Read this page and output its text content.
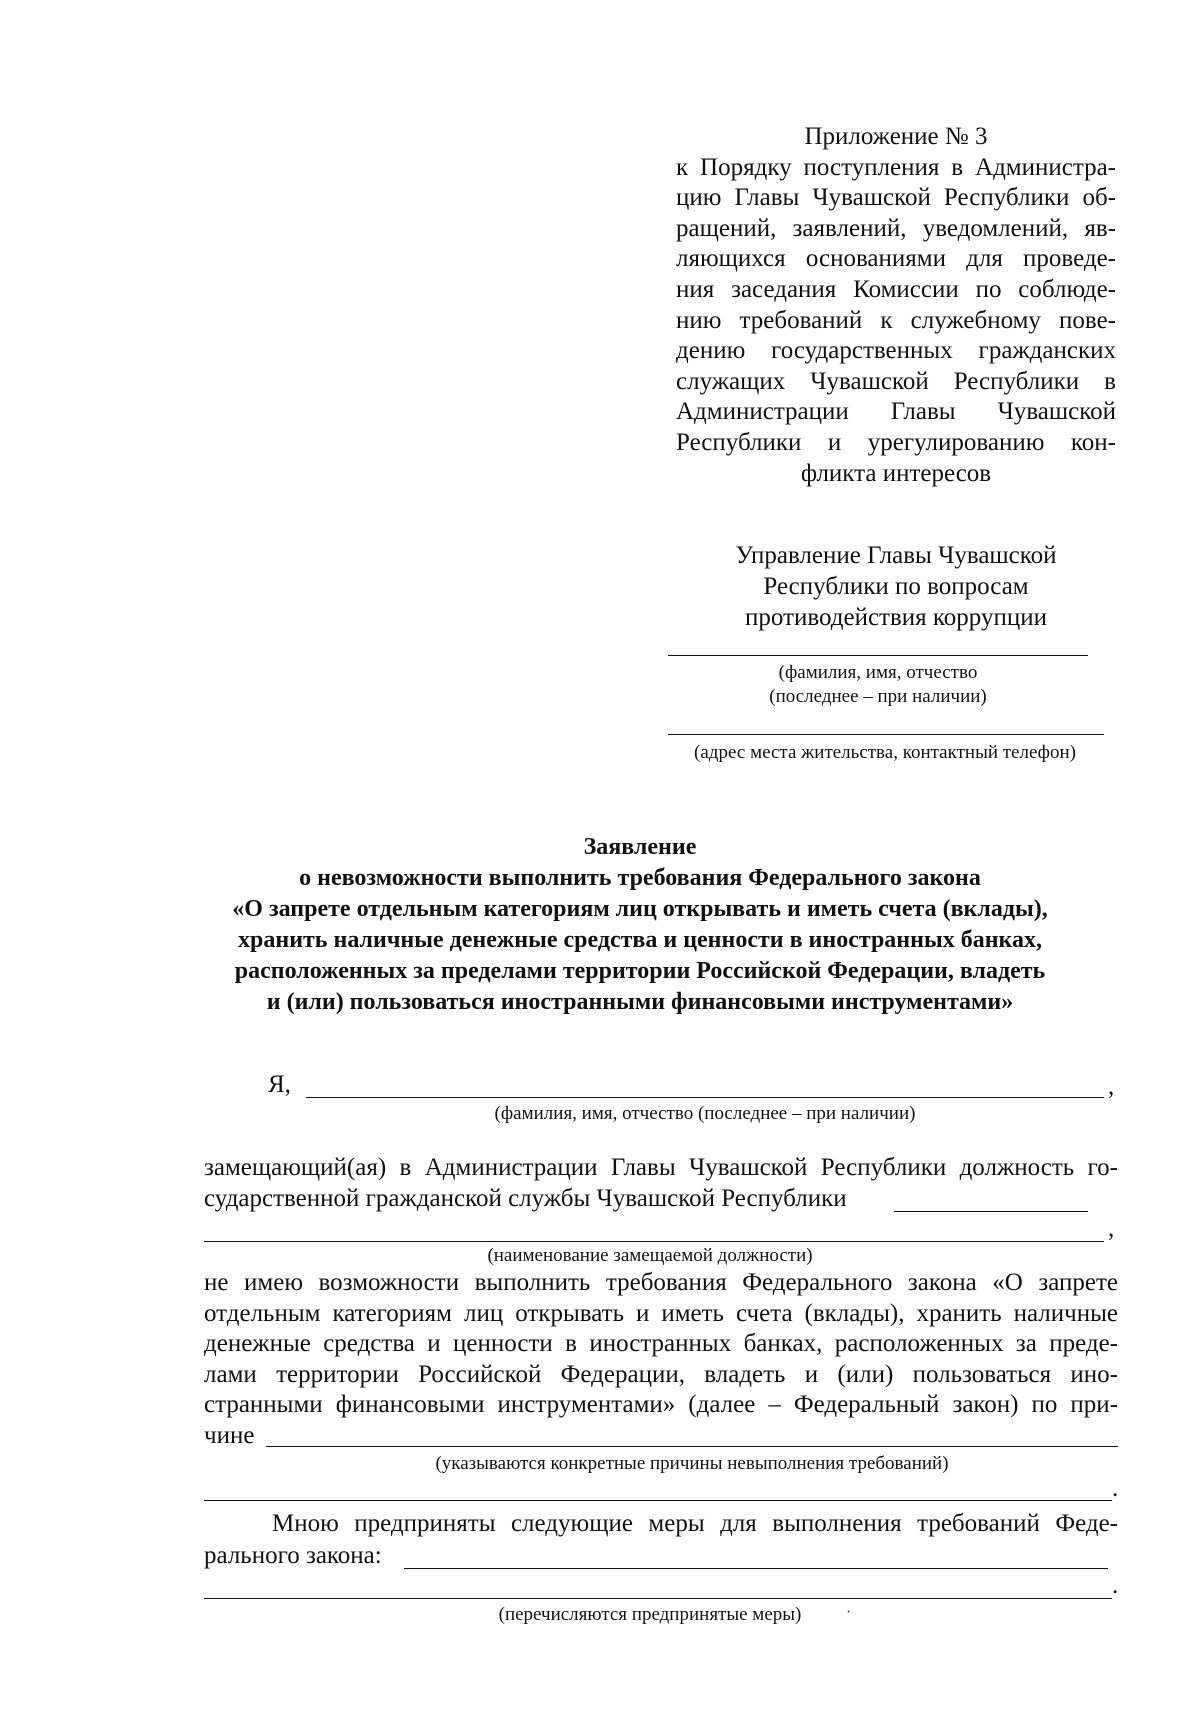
Приложение № 3
к Порядку поступления в Администра-
цию Главы Чувашской Республики об-
ращений, заявлений, уведомлений, яв-
ляющихся основаниями для проведе-
ния заседания Комиссии по соблюде-
нию требований к служебному пове-
дению государственных гражданских
служащих Чувашской Республики в
Администрации Главы Чувашской
Республики и урегулированию кон-
фликта интересов
Управление Главы Чувашской
Республики по вопросам
противодействия коррупции
(фамилия, имя, отчество
(последнее – при наличии)
(адрес места жительства, контактный телефон)
Заявление
о невозможности выполнить требования Федерального закона
«О запрете отдельным категориям лиц открывать и иметь счета (вклады),
хранить наличные денежные средства и ценности в иностранных банках,
расположенных за пределами территории Российской Федерации, владеть
и (или) пользоваться иностранными финансовыми инструментами»
Я,	,
(фамилия, имя, отчество (последнее – при наличии)
замещающий(ая) в Администрации Главы Чувашской Республики должность го-
сударственной гражданской службы Чувашской Республики
,
(наименование замещаемой должности)
не имею возможности выполнить требования Федерального закона «О запрете
отдельным категориям лиц открывать и иметь счета (вклады), хранить наличные
денежные средства и ценности в иностранных банках, расположенных за преде-
лами территории Российской Федерации, владеть и (или) пользоваться ино-
странными финансовыми инструментами» (далее – Федеральный закон) по при-
чине
(указываются конкретные причины невыполнения требований)
.
Мною предприняты следующие меры для выполнения требований Феде-
рального закона:
.
(перечисляются предпринятые меры)	·
